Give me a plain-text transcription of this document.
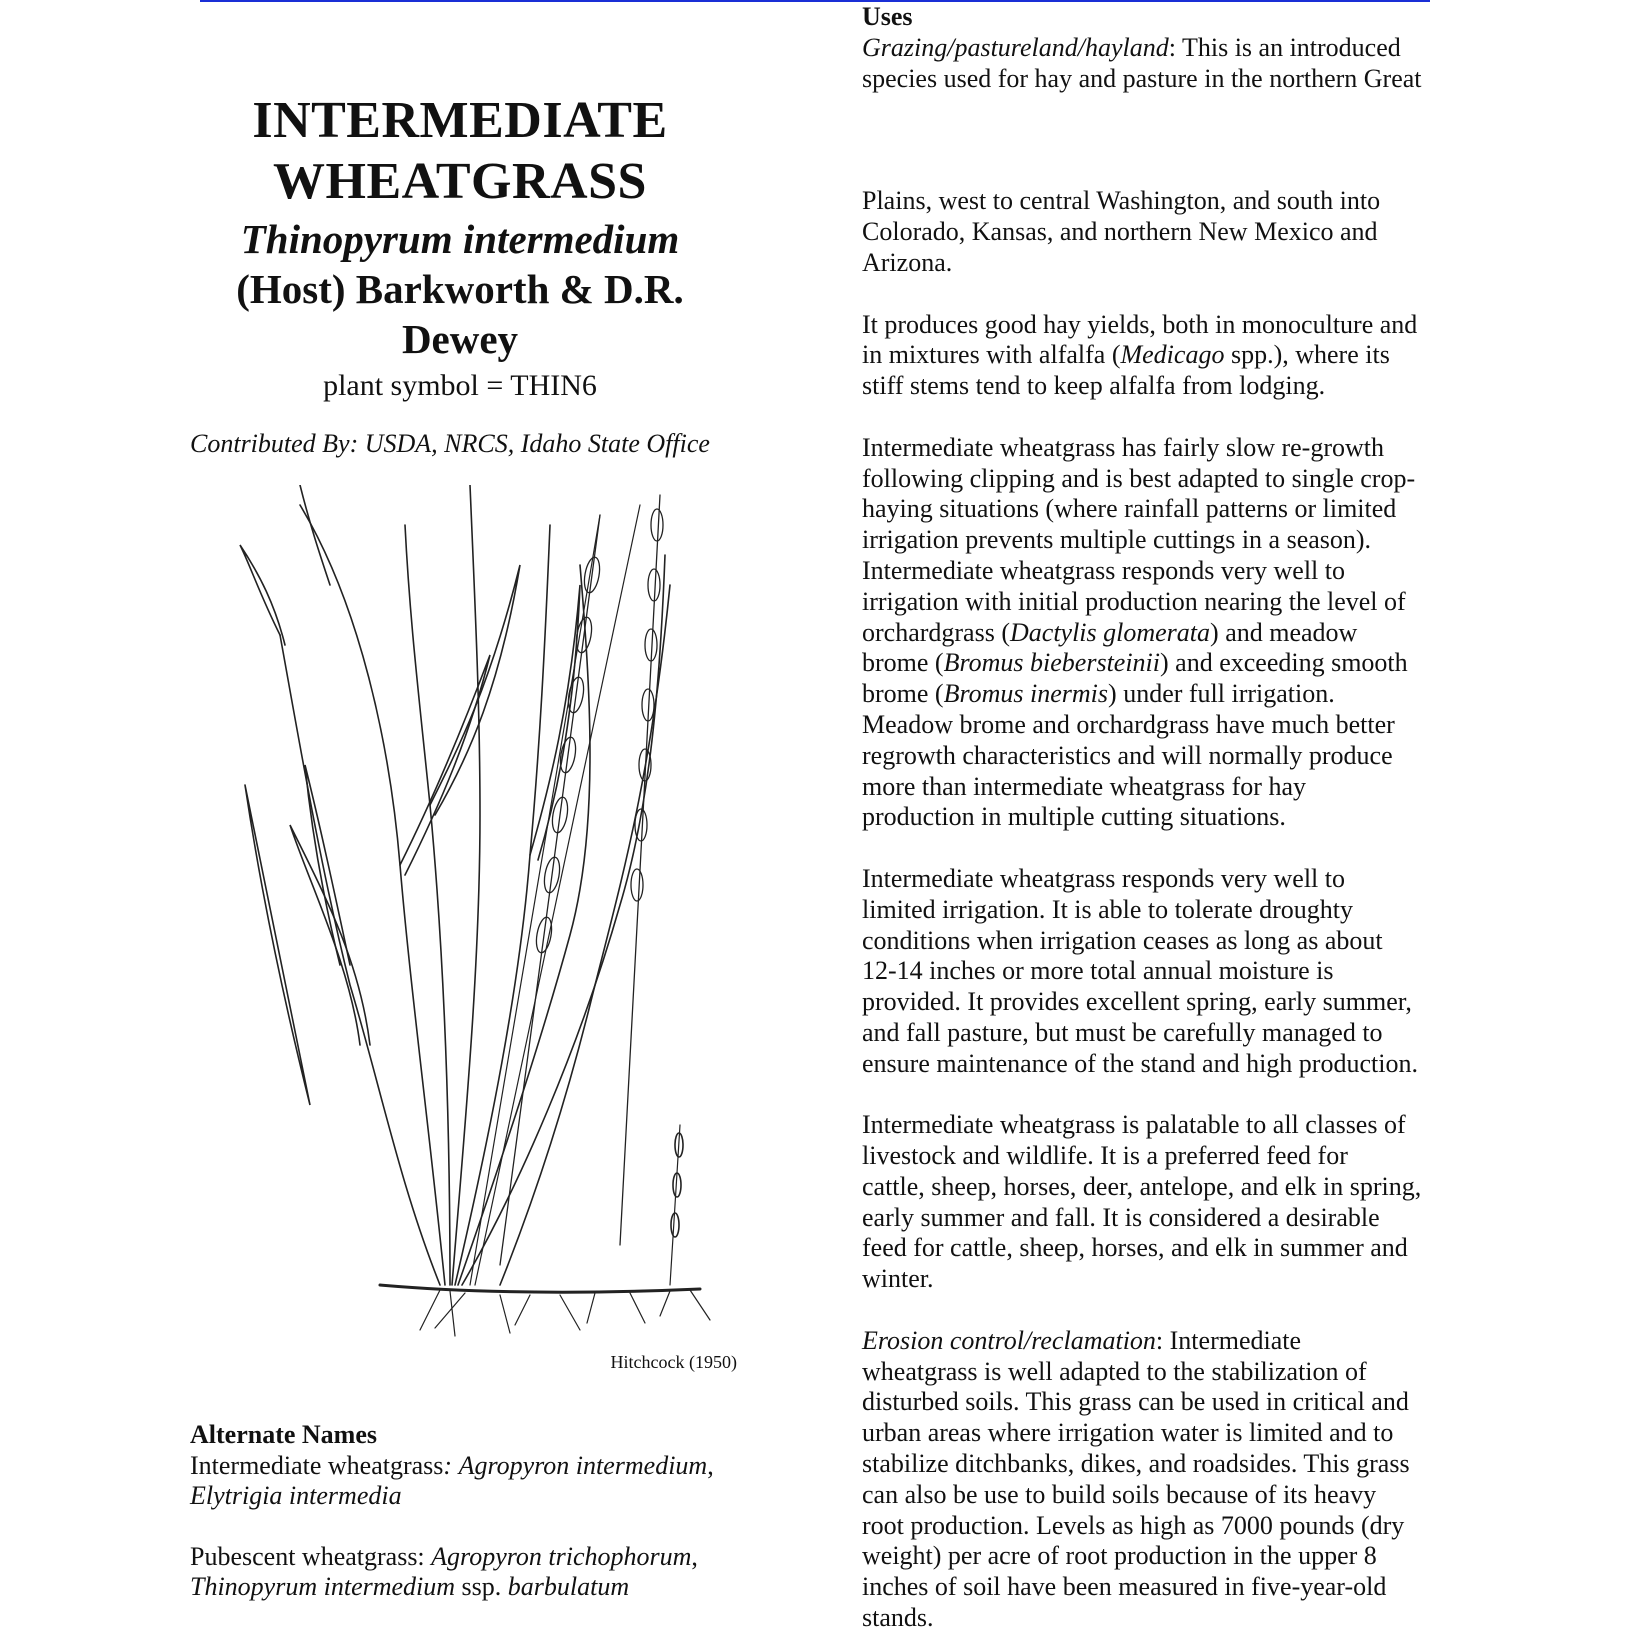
INTERMEDIATE
WHEATGRASS
Thinopyrum intermedium
(Host) Barkworth & D.R.
Dewey
plant symbol = THIN6
Contributed By: USDA, NRCS, Idaho State Office
Hitchcock (1950)
Alternate Names

Intermediate wheatgrass: Agropyron intermedium,
Elytrigia intermedia

Pubescent wheatgrass: Agropyron trichophorum,
Thinopyrum intermedium ssp. barbulatum

Uses

Grazing/pastureland/hayland: This is an introduced
species used for hay and pasture in the northern Great

Plains, west to central Washington, and south into
Colorado, Kansas, and northern New Mexico and
Arizona.

It produces good hay yields, both in monoculture and
in mixtures with alfalfa (Medicago spp.), where its
stiff stems tend to keep alfalfa from lodging.

Intermediate wheatgrass has fairly slow re-growth
following clipping and is best adapted to single crop-
haying situations (where rainfall patterns or limited
irrigation prevents multiple cuttings in a season).
Intermediate wheatgrass responds very well to
irrigation with initial production nearing the level of
orchardgrass (Dactylis glomerata) and meadow
brome (Bromus biebersteinii) and exceeding smooth
brome (Bromus inermis) under full irrigation.
Meadow brome and orchardgrass have much better
regrowth characteristics and will normally produce
more than intermediate wheatgrass for hay
production in multiple cutting situations.

Intermediate wheatgrass responds very well to
limited irrigation. It is able to tolerate droughty
conditions when irrigation ceases as long as about
12-14 inches or more total annual moisture is
provided. It provides excellent spring, early summer,
and fall pasture, but must be carefully managed to
ensure maintenance of the stand and high production.

Intermediate wheatgrass is palatable to all classes of
livestock and wildlife. It is a preferred feed for
cattle, sheep, horses, deer, antelope, and elk in spring,
early summer and fall. It is considered a desirable
feed for cattle, sheep, horses, and elk in summer and
winter.

Erosion control/reclamation: Intermediate
wheatgrass is well adapted to the stabilization of
disturbed soils. This grass can be used in critical and
urban areas where irrigation water is limited and to
stabilize ditchbanks, dikes, and roadsides. This grass
can also be use to build soils because of its heavy
root production. Levels as high as 7000 pounds (dry
weight) per acre of root production in the upper 8
inches of soil have been measured in five-year-old
stands.
